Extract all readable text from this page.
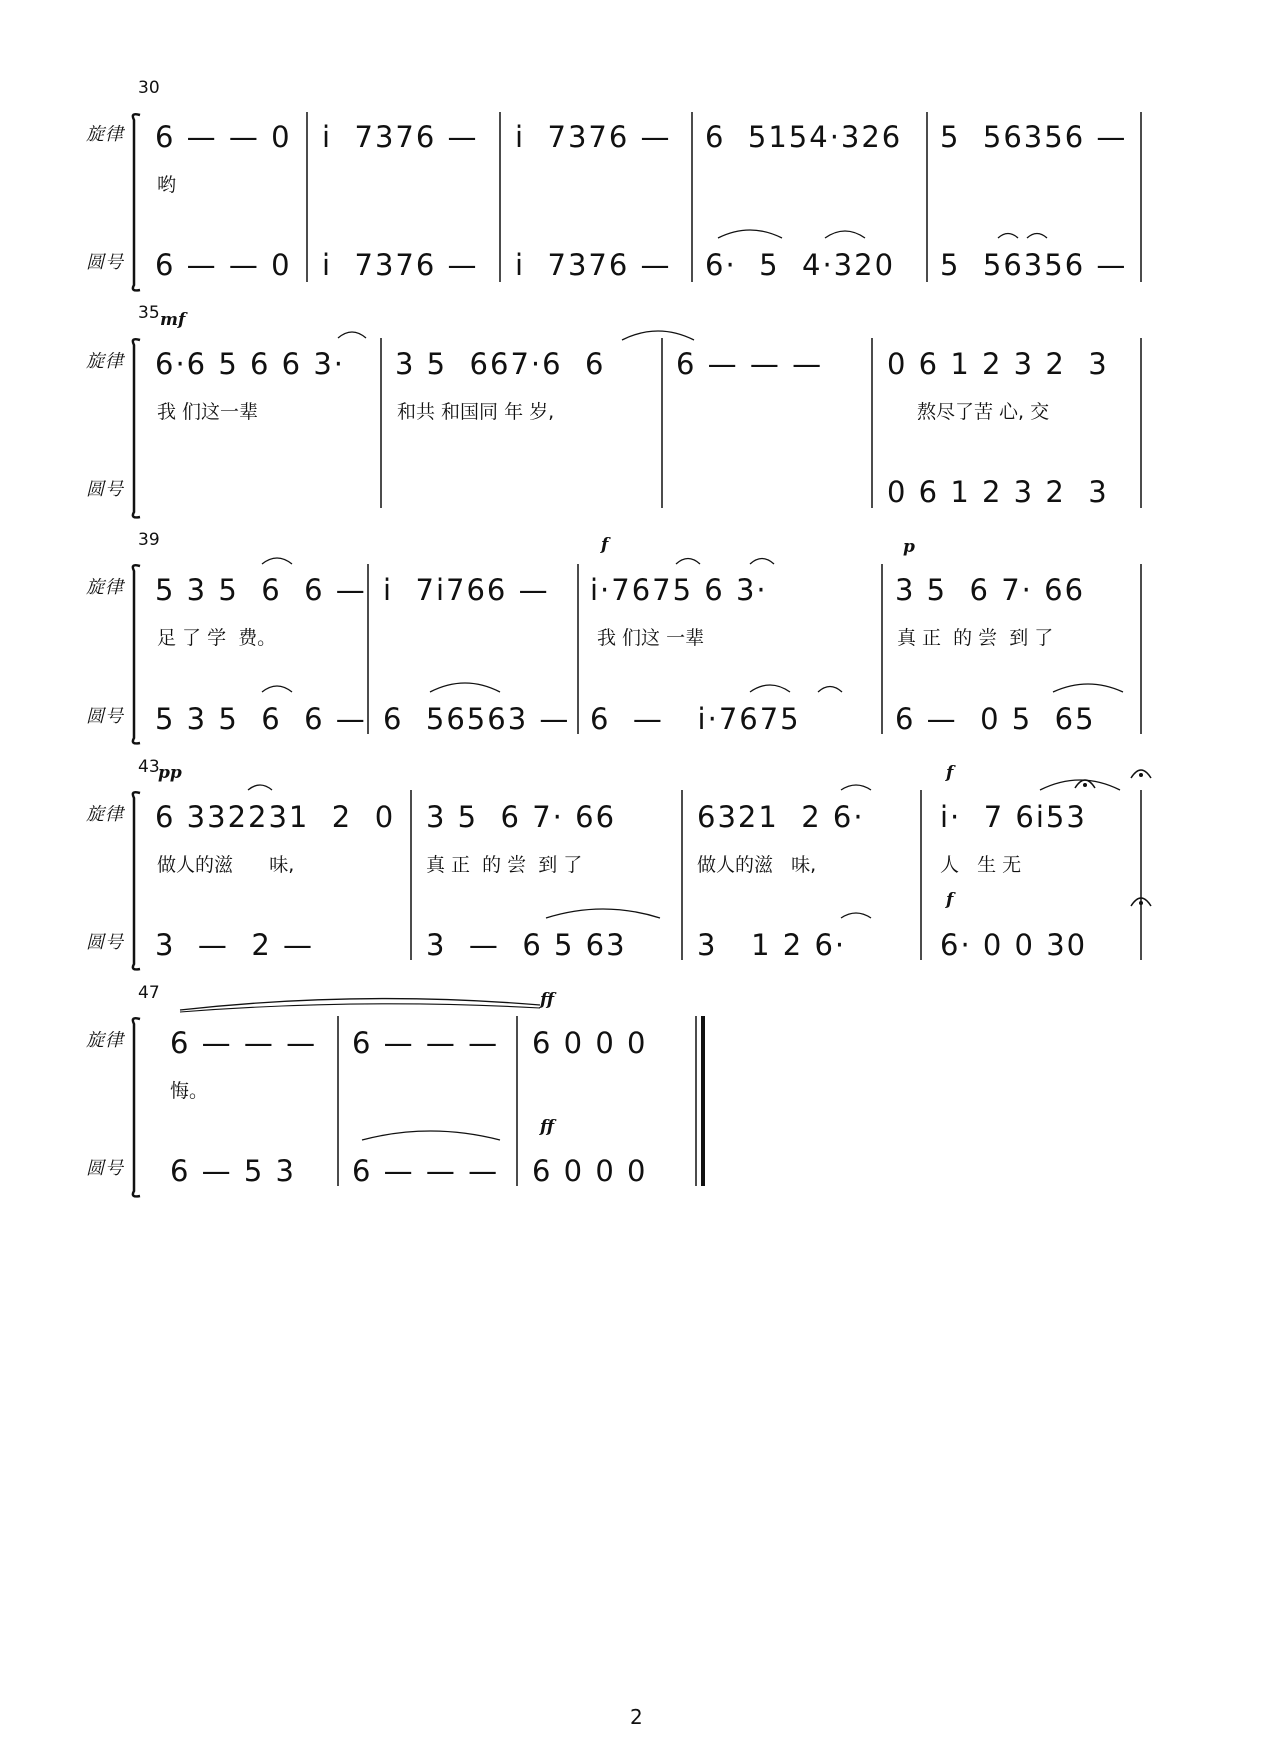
30
旋律
圆号
6 — — 0 i  7376 — i  7376 — 6  5154·326 5  56356 —
哟
6 — — 0 i  7376 — i  7376 — 6·  5  4·320 5  56356 —
35 mf
旋律
圆号
6·6 5 6 6 3· 3 5  667·6  6 6 — — — 0 6 1 2 3 2  3
我 们这一辈	和共 和国同 年 岁,	熬尽了苦 心, 交
0 6 1 2 3 2  3
39	f	p
旋律
圆号
5 3 5  6  6 — i  7i766 — i·7675 6 3·	3 5  6 7· 66
足 了 学  费。	我 们这 一辈	真 正  的 尝  到 了
5 3 5  6  6 — 6  56563 — 6  —   i·7675	6 —  0 5  65
43
pp	f
f
旋律
圆号
6 332231  2  0 3 5  6 7· 66	6321  2 6·	i·  7 6i53
做人的滋      味,	真 正  的 尝  到 了	做人的滋   味,	人   生 无
3  —  2 —	3  —  6 5 63 3   1 2 6·	6· 0 0 30
47	ff
ff
旋律
圆号
6 — — — 6 — — — 6 0 0 0
悔。
6 — 5 3 6 — — — 6 0 0 0
2
